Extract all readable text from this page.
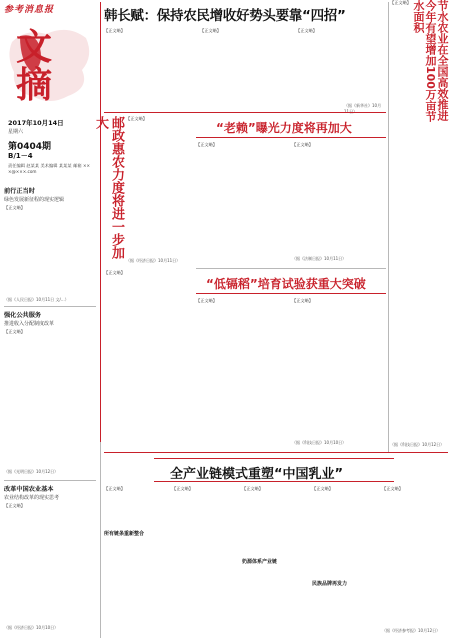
参考消息报
文摘
2017年10月14日
星期六
第0404期
B/1－4
责任编辑 赵某某 美术编辑 某某某 邮箱 ×××@×××.com
前行正当时
绿色发展新征程的现实逻辑
【正文略】
（据《人民日报》10月11日 文/…）
强化公共服务
推进收入分配制度改革
【正文略】
（据《光明日报》10月12日）
改革中国农业基本
农业结构改革的现实思考
【正文略】
（据《经济日报》10月10日）
韩长赋：保持农民增收好势头要靠“四招”
【正文略】	【正文略】	【正文略】
（据《新华社》10月	节水农业在全国高效推进今年有望增加100万亩节水面积
【正文略】
（据《科技日报》10月12日）
邮政惠农力度将进一步加大	【正文略】
（据《经济日报》10月11日）
“老赖”曝光力度将再加大
【正文略】	【正文略】
（据《法制日报》10月11日）
【正文略】
“低镉稻”培育试验获重大突破
【正文略】	【正文略】
（据《科技日报》10月10日）
全产业链模式重塑“中国乳业”
【正文略】
所有链条重新整合
【正文略】	【正文略】
奶源体系产业链
【正文略】
民族品牌再发力
【正文略】
（据《经济参考报》10月12日）
